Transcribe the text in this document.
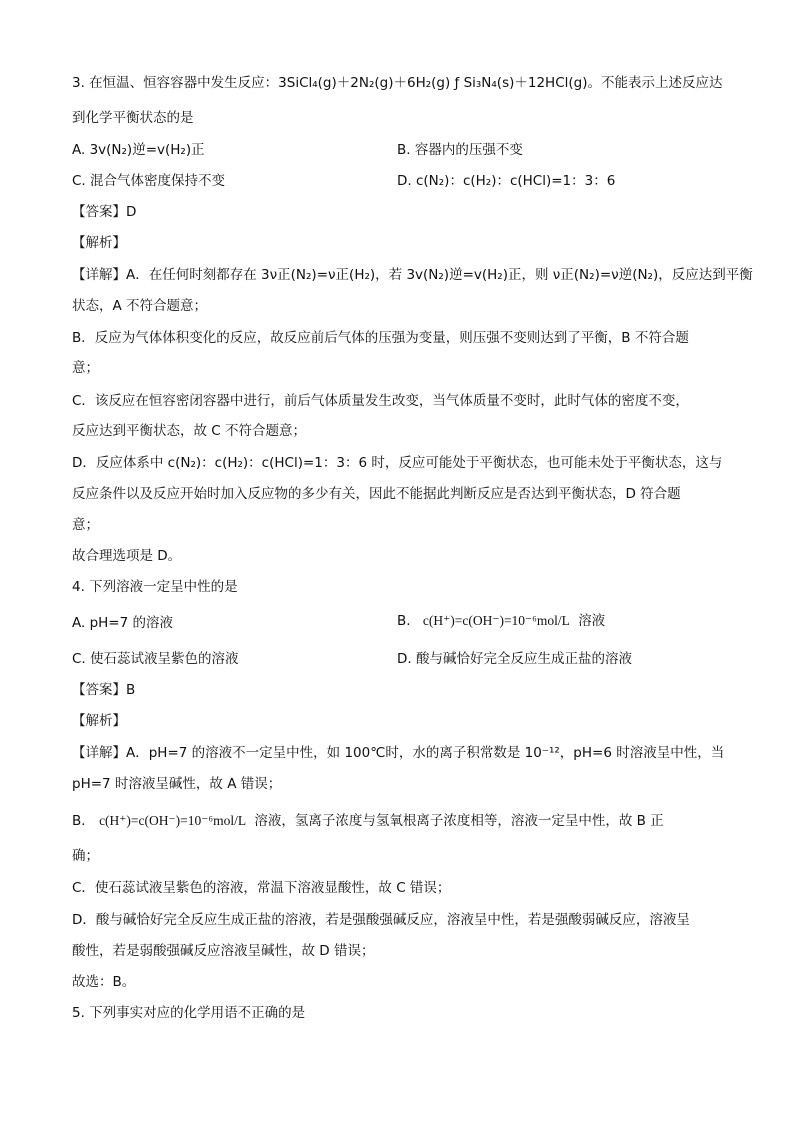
3. 在恒温、恒容容器中发生反应：3SiCl₄(g)＋2N₂(g)＋6H₂(g) ƒ Si₃N₄(s)＋12HCl(g)。不能表示上述反应达
到化学平衡状态的是
A. 3v(N₂)逆=v(H₂)正	B. 容器内的压强不变
C. 混合气体密度保持不变	D. c(N₂)：c(H₂)：c(HCl)=1：3：6
【答案】D
【解析】
【详解】A．在任何时刻都存在 3ν正(N₂)=ν正(H₂)，若 3v(N₂)逆=v(H₂)正，则 ν正(N₂)=ν逆(N₂)，反应达到平衡
状态，A 不符合题意；
B．反应为气体体积变化的反应，故反应前后气体的压强为变量，则压强不变则达到了平衡，B 不符合题
意；
C．该反应在恒容密闭容器中进行，前后气体质量发生改变，当气体质量不变时，此时气体的密度不变，
反应达到平衡状态，故 C 不符合题意；
D．反应体系中 c(N₂)：c(H₂)：c(HCl)=1：3：6 时，反应可能处于平衡状态，也可能未处于平衡状态，这与
反应条件以及反应开始时加入反应物的多少有关，因此不能据此判断反应是否达到平衡状态，D 符合题
意；
故合理选项是 D。
4. 下列溶液一定呈中性的是
A. pH=7 的溶液	B. c(H⁺)=c(OH⁻)=10⁻⁶mol/L 溶液
C. 使石蕊试液呈紫色的溶液	D. 酸与碱恰好完全反应生成正盐的溶液
【答案】B
【解析】
【详解】A．pH=7 的溶液不一定呈中性，如 100℃时，水的离子积常数是 10⁻¹²，pH=6 时溶液呈中性，当
pH=7 时溶液呈碱性，故 A 错误；
B． c(H⁺)=c(OH⁻)=10⁻⁶mol/L 溶液，氢离子浓度与氢氧根离子浓度相等，溶液一定呈中性，故 B 正
确；
C．使石蕊试液呈紫色的溶液，常温下溶液显酸性，故 C 错误；
D．酸与碱恰好完全反应生成正盐的溶液，若是强酸强碱反应，溶液呈中性，若是强酸弱碱反应，溶液呈
酸性，若是弱酸强碱反应溶液呈碱性，故 D 错误；
故选：B。
5. 下列事实对应的化学用语不正确的是
